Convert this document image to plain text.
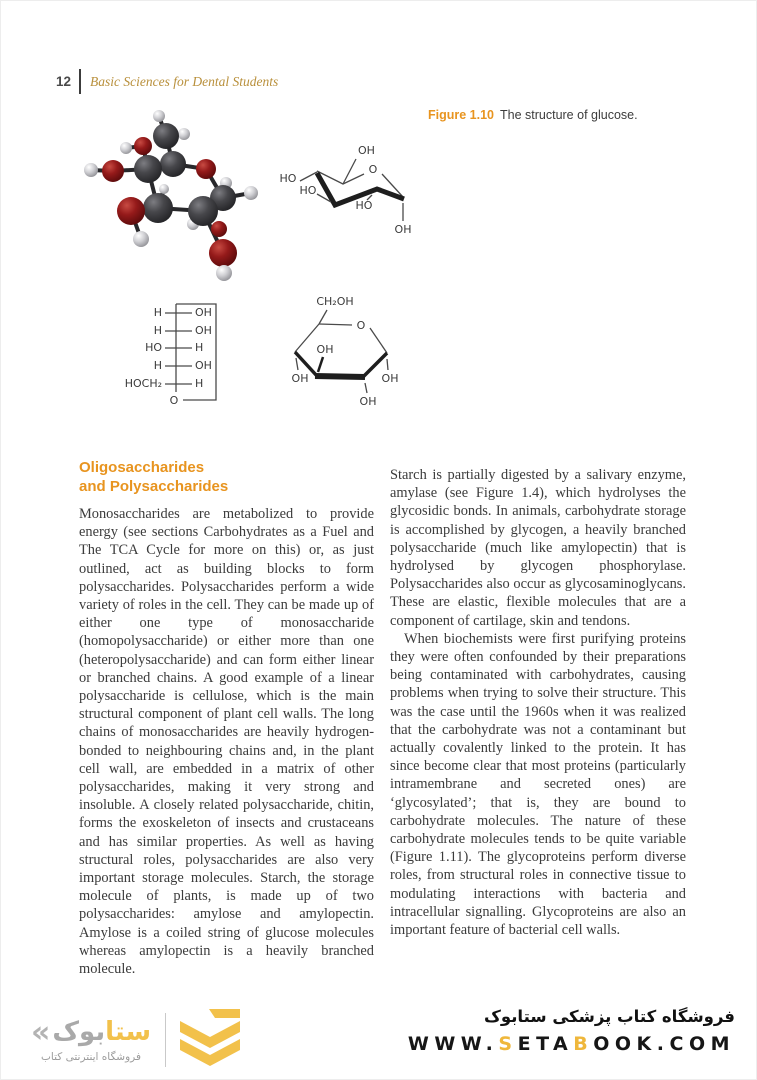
12 Basic Sciences for Dental Students
Figure 1.10 The structure of glucose.
OH
O
HO
HO
HO
OH
H	OH
H	OH
HO	H
H	OH
HOCH₂	H
O
CH₂OH
O
OH
OH	OH
OH
Oligosaccharides
and Polysaccharides

Monosaccharides are metabolized to provide energy (see sections Carbohydrates as a Fuel and The TCA Cycle for more on this) or, as just outlined, act as building blocks to form polysaccharides. Polysaccharides perform a wide variety of roles in the cell. They can be made up of either one type of monosaccharide (homopolysaccharide) or either more than one (heteropolysaccharide) and can form either linear or branched chains. A good example of a linear polysaccharide is cellulose, which is the main structural component of plant cell walls. The long chains of monosaccharides are heavily hydrogen-bonded to neighbouring chains and, in the plant cell wall, are embedded in a matrix of other polysaccharides, making it very strong and insoluble. A closely related polysaccharide, chitin, forms the exoskeleton of insects and crustaceans and has similar properties. As well as having structural roles, polysaccharides are also very important storage molecules. Starch, the storage molecule of plants, is made up of two polysaccharides: amylose and amylopectin. Amylose is a coiled string of glucose molecules whereas amylopectin is a heavily branched molecule.

Starch is partially digested by a salivary enzyme, amylase (see Figure 1.4), which hydrolyses the glycosidic bonds. In animals, carbohydrate storage is accomplished by glycogen, a heavily branched polysaccharide (much like amylopectin) that is hydrolysed by glycogen phosphorylase. Polysaccharides also occur as glycosaminoglycans. These are elastic, flexible molecules that are a component of cartilage, skin and tendons.

When biochemists were first purifying proteins they were often confounded by their preparations being contaminated with carbohydrates, causing problems when trying to solve their structure. This was the case until the 1960s when it was realized that the carbohydrate was not a contaminant but actually covalently linked to the protein. It has since become clear that most proteins (particularly intramembrane and secreted ones) are ‘glycosylated’; that is, they are bound to carbohydrate molecules. The nature of these carbohydrate molecules tends to be quite variable (Figure 1.11). The glycoproteins perform diverse roles, from structural roles in connective tissue to modulating interactions with bacteria and intracellular signalling. Glycoproteins are also an important feature of bacterial cell walls.

« بوک ستا
فروشگاه اینترنتی کتاب
فروشگاه کتاب پزشکی ستابوک
WWW.SETABOOK.COM
